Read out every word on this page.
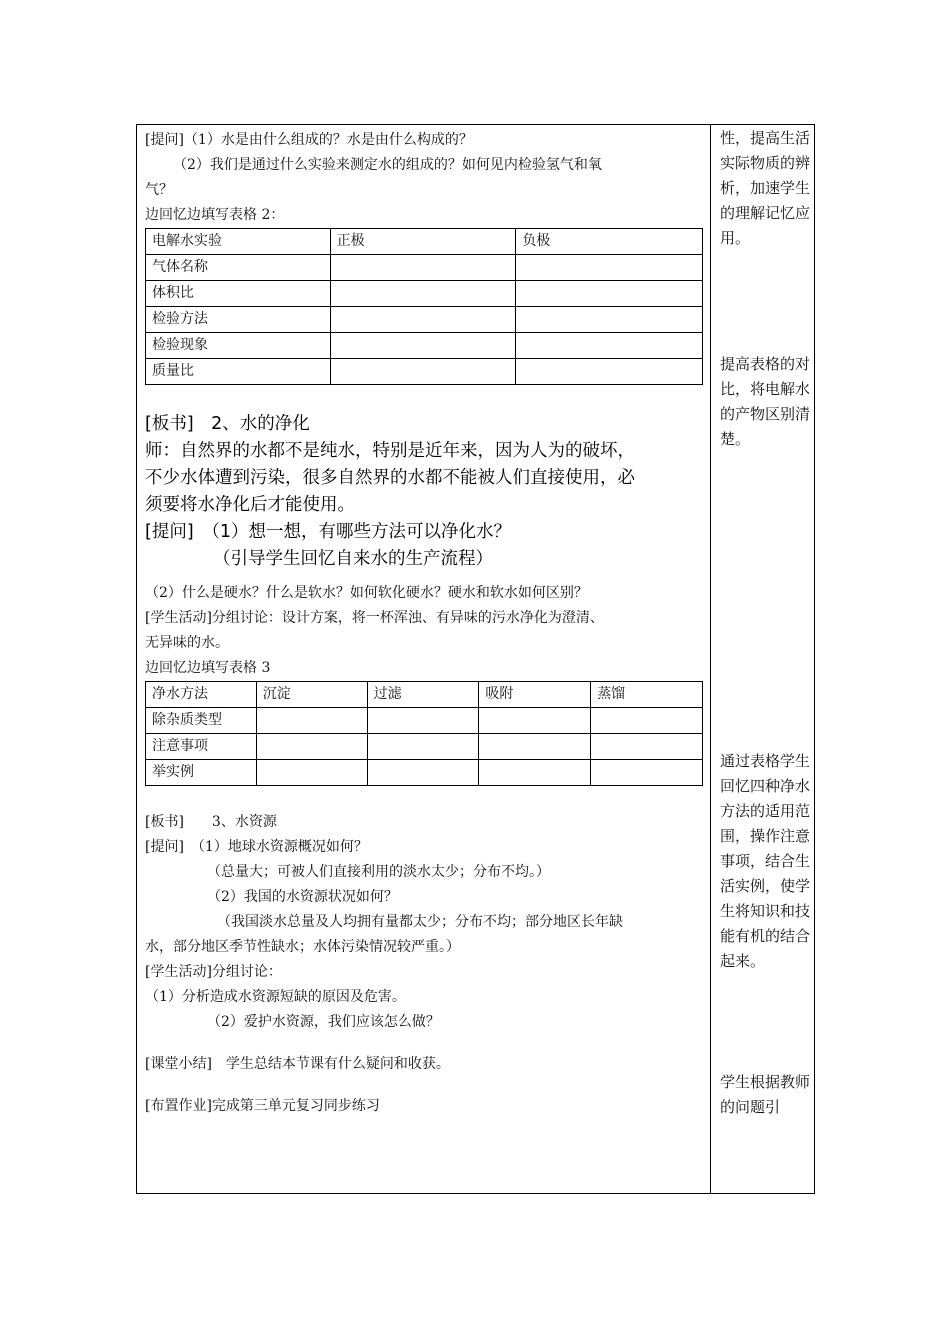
[提问]（1）水是由什么组成的？水是由什么构成的？
（2）我们是通过什么实验来测定水的组成的？如何见内检验氢气和氧
气？
边回忆边填写表格 2：
电解水实验	正极	负极
气体名称		
体积比		
检验方法		
检验现象		
质量比		
[板书]　2、水的净化
师：自然界的水都不是纯水，特别是近年来，因为人为的破坏，
不少水体遭到污染，很多自然界的水都不能被人们直接使用，必
须要将水净化后才能使用。
[提问]　（1）想一想，有哪些方法可以净化水？
（引导学生回忆自来水的生产流程）
（2）什么是硬水？什么是软水？如何软化硬水？硬水和软水如何区别？
[学生活动]分组讨论：设计方案，将一杯浑浊、有异味的污水净化为澄清、
无异味的水。
边回忆边填写表格 3
净水方法	沉淀	过滤	吸附	蒸馏
除杂质类型				
注意事项				
举实例				
[板书]　　3、水资源
[提问]　（1）地球水资源概况如何？
（总量大；可被人们直接利用的淡水太少；分布不均。）
（2）我国的水资源状况如何？
（我国淡水总量及人均拥有量都太少；分布不均；部分地区长年缺
水，部分地区季节性缺水；水体污染情况较严重。）
[学生活动]分组讨论：
（1）分析造成水资源短缺的原因及危害。
（2）爱护水资源，我们应该怎么做？
[课堂小结]　学生总结本节课有什么疑问和收获。
[布置作业]完成第三单元复习同步练习

性，提高生活实际物质的辨析，加速学生的理解记忆应用。

提高表格的对比，将电解水的产物区别清楚。

通过表格学生回忆四种净水方法的适用范围，操作注意事项，结合生活实例，使学生将知识和技能有机的结合起来。

学生根据教师的问题引
